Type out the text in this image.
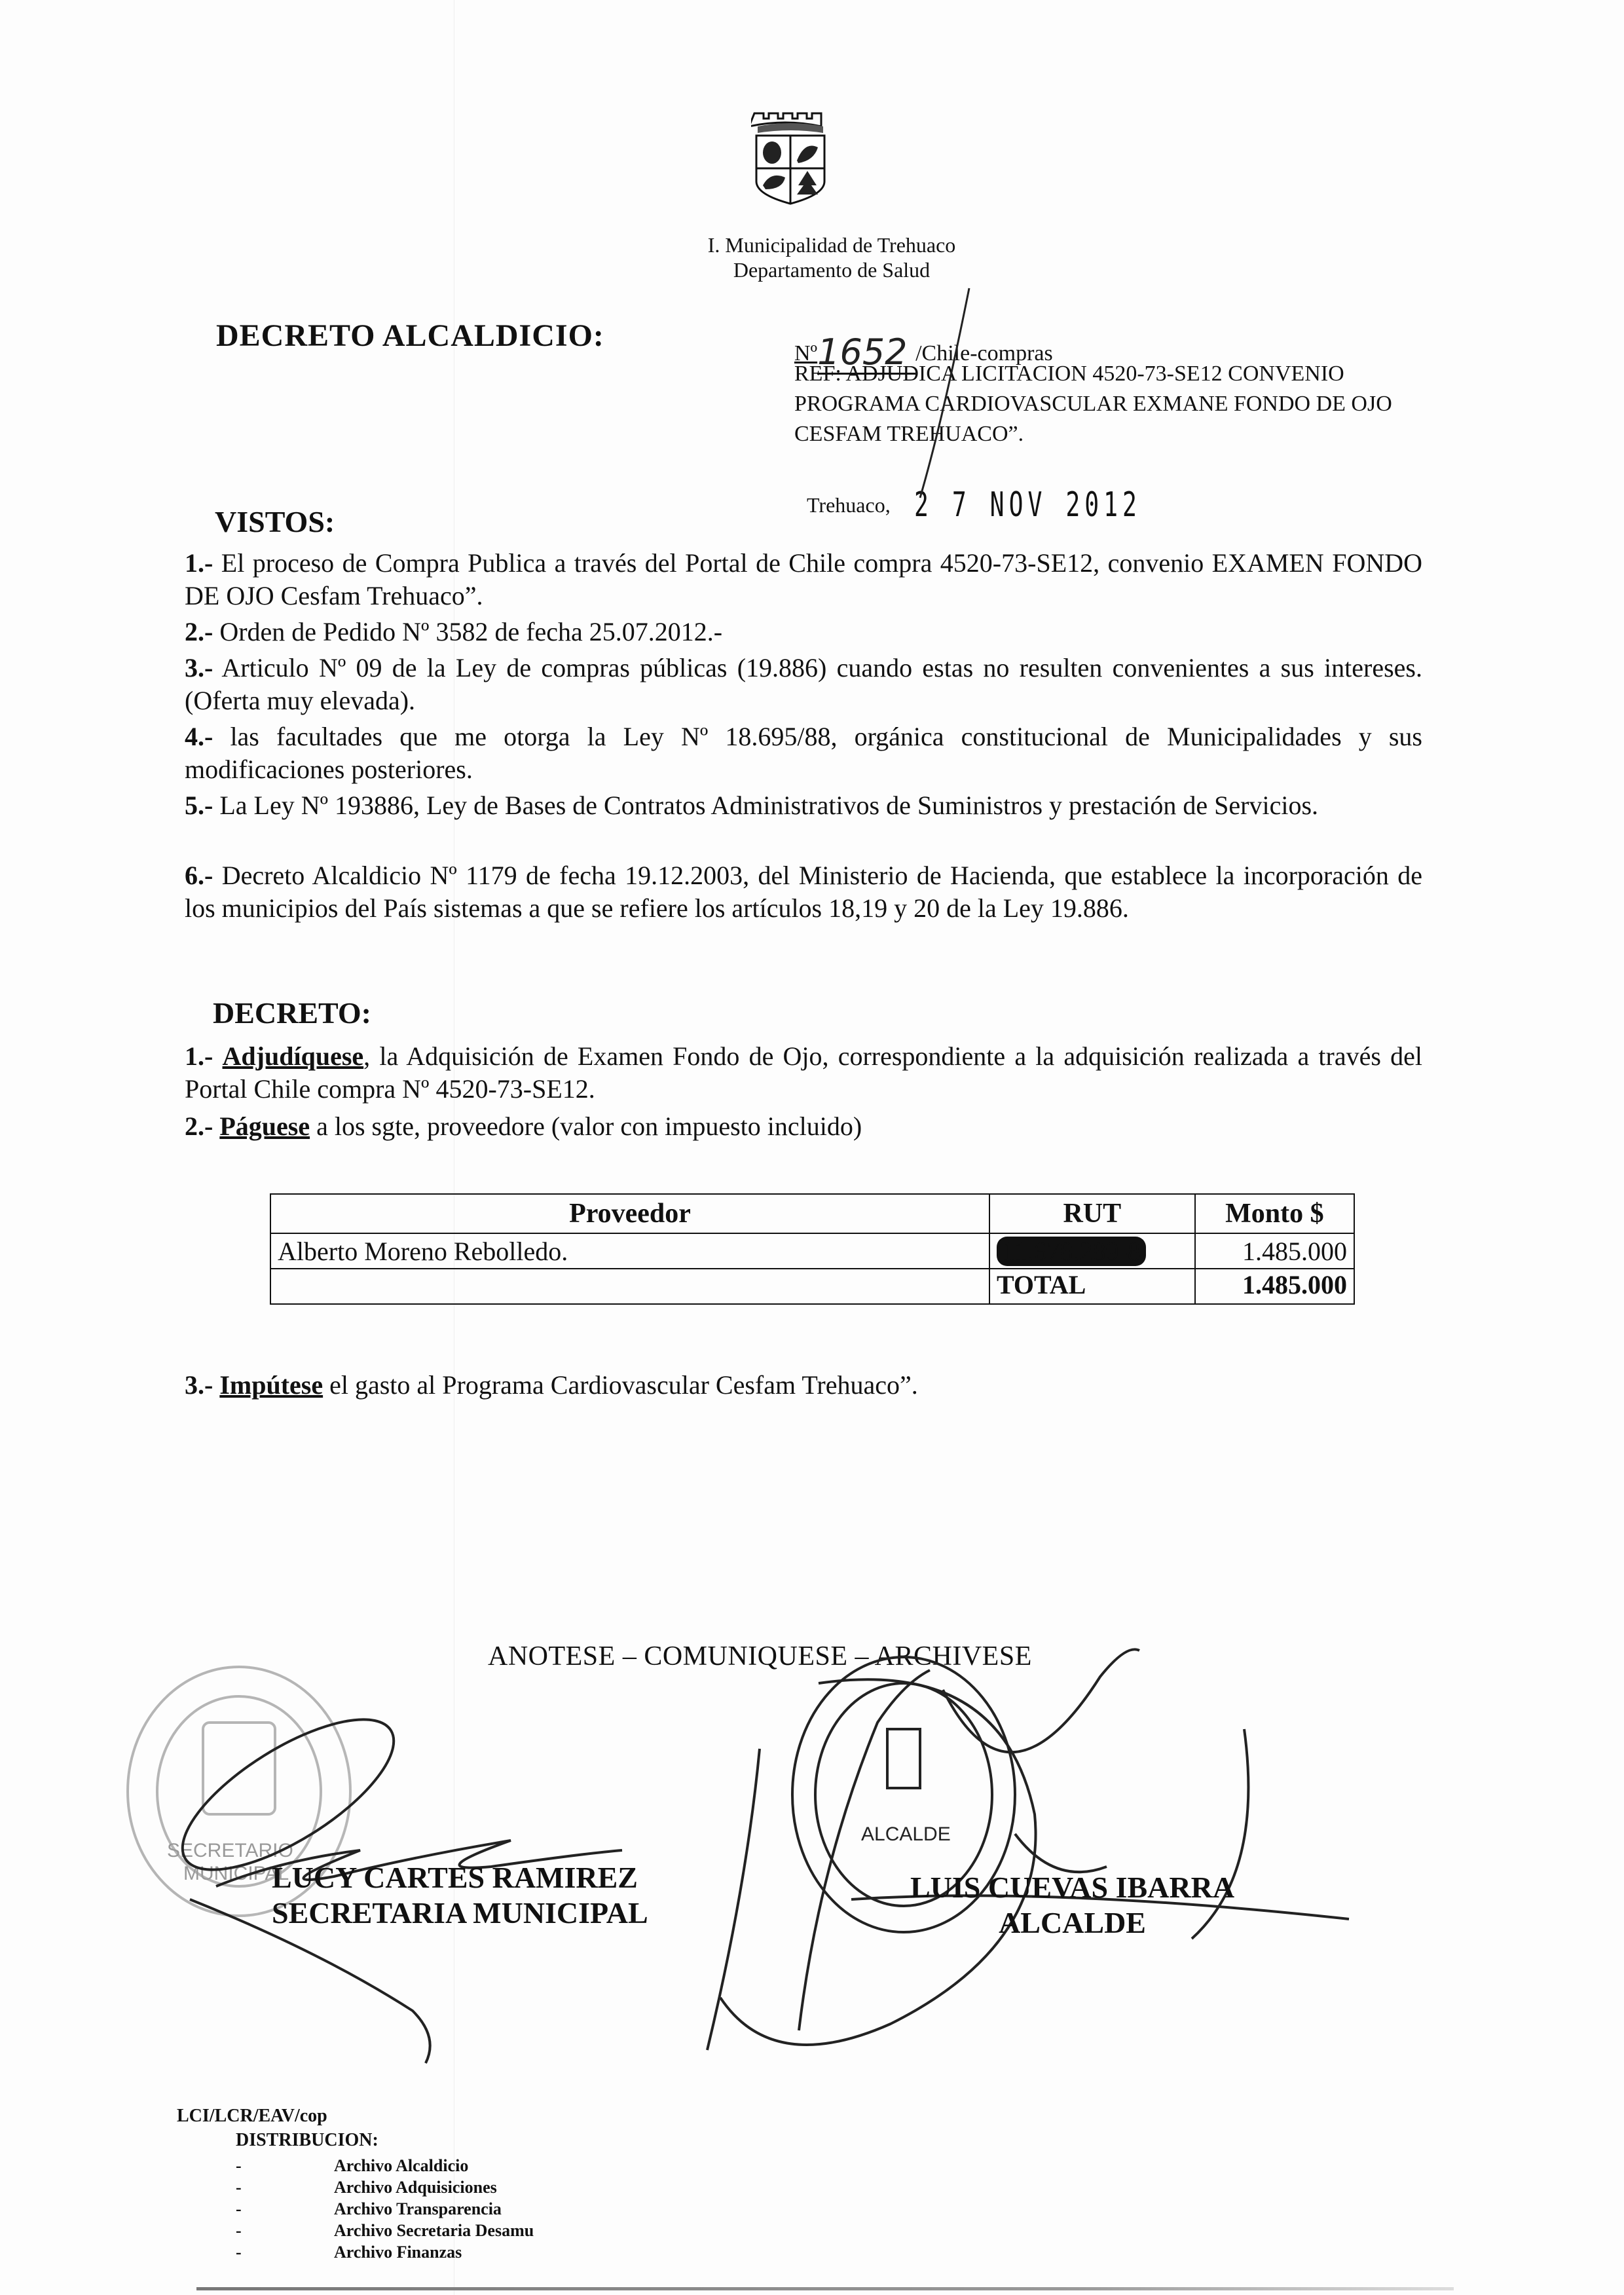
I. Municipalidad de Trehuaco
Departamento de Salud
DECRETO ALCALDICIO:
Nº1652 /Chile-compras
REF: ADJUDICA LICITACION 4520-73-SE12 CONVENIO PROGRAMA CARDIOVASCULAR EXMANE FONDO DE OJO CESFAM TREHUACO”.
Trehuaco, 2 7 NOV 2012
VISTOS:
1.- El proceso de Compra Publica a través del Portal de Chile compra 4520-73-SE12, convenio EXAMEN FONDO DE OJO Cesfam Trehuaco”.
2.- Orden de Pedido Nº 3582 de fecha 25.07.2012.-
3.- Articulo Nº 09 de la Ley de compras públicas (19.886) cuando estas no resulten convenientes a sus intereses. (Oferta muy elevada).
4.- las facultades que me otorga la Ley Nº 18.695/88, orgánica constitucional de Municipalidades y sus modificaciones posteriores.
5.- La Ley Nº 193886, Ley de Bases de Contratos Administrativos de Suministros y prestación de Servicios.
6.- Decreto Alcaldicio Nº 1179 de fecha 19.12.2003, del Ministerio de Hacienda, que establece la incorporación de los municipios del País sistemas a que se refiere los artículos 18,19 y 20 de la Ley 19.886.
DECRETO:
1.- Adjudíquese, la Adquisición de Examen Fondo de Ojo, correspondiente a la adquisición realizada a través del Portal Chile compra Nº 4520-73-SE12.
2.- Páguese a los sgte, proveedore (valor con impuesto incluido)
Proveedor	RUT	Monto $
Alberto Moreno Rebolledo.	11.678.289-8	1.485.000
	TOTAL	1.485.000
3.- Impútese el gasto al Programa Cardiovascular Cesfam Trehuaco”.
ANOTESE – COMUNIQUESE – ARCHIVESE
SECRETARIO
MUNICIPAL
ALCALDE
LUCY CARTES RAMIREZ
SECRETARIA MUNICIPAL
LUIS CUEVAS IBARRA
ALCALDE
LCI/LCR/EAV/cop
DISTRIBUCION:
-	Archivo Alcaldicio
-	Archivo Adquisiciones
-	Archivo Transparencia
-	Archivo Secretaria Desamu
-	Archivo Finanzas
